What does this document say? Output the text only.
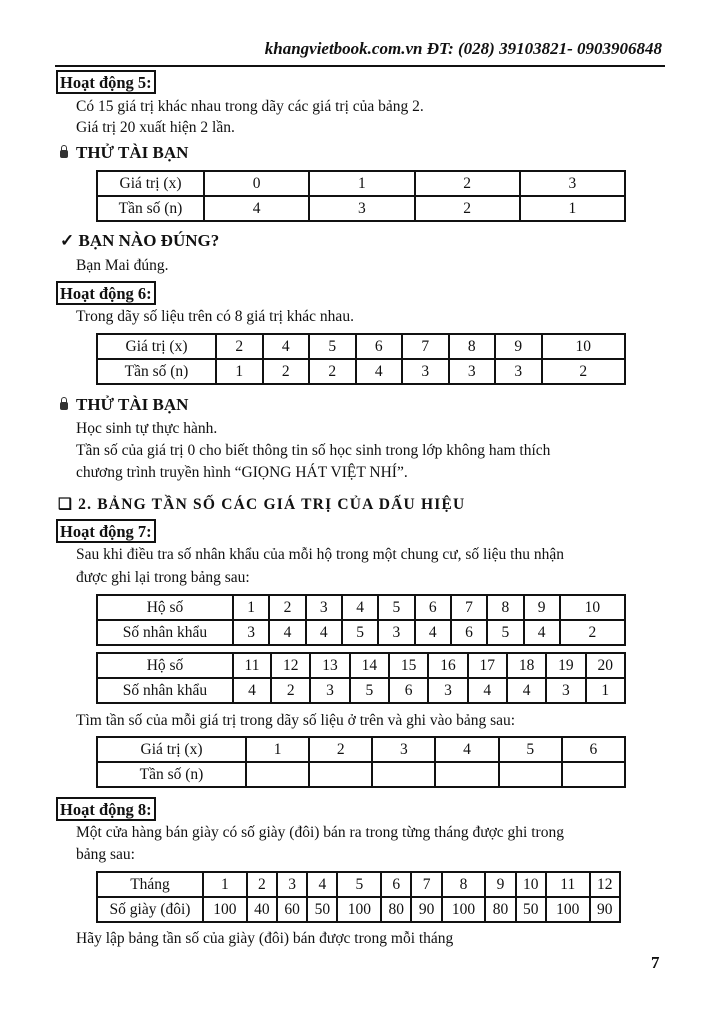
khangvietbook.com.vn ĐT: (028) 39103821- 0903906848
Hoạt động 5:
Có 15 giá trị khác nhau trong dãy các giá trị của bảng 2.
Giá trị 20 xuất hiện 2 lần.
THỬ TÀI BẠN
Giá trị (x)	0	1	2	3
Tần số (n)	4	3	2	1
✓ BẠN NÀO ĐÚNG?
Bạn Mai đúng.
Hoạt động 6:
Trong dãy số liệu trên có 8 giá trị khác nhau.
Giá trị (x)	2	4	5	6	7	8	9	10
Tần số (n)	1	2	2	4	3	3	3	2
THỬ TÀI BẠN
Học sinh tự thực hành.
Tần số của giá trị 0 cho biết thông tin số học sinh trong lớp không ham thích
chương trình truyền hình “GIỌNG HÁT VIỆT NHÍ”.
❑ 2. BẢNG TẦN SỐ CÁC GIÁ TRỊ CỦA DẤU HIỆU
Hoạt động 7:
Sau khi điều tra số nhân khẩu của mỗi hộ trong một chung cư, số liệu thu nhận
được ghi lại trong bảng sau:
Hộ số	1	2	3	4	5	6	7	8	9	10
Số nhân khẩu	3	4	4	5	3	4	6	5	4	2
Hộ số	11	12	13	14	15	16	17	18	19	20
Số nhân khẩu	4	2	3	5	6	3	4	4	3	1
Tìm tần số của mỗi giá trị trong dãy số liệu ở trên và ghi vào bảng sau:
Giá trị (x)	1	2	3	4	5	6
Tần số (n)						
Hoạt động 8:
Một cửa hàng bán giày có số giày (đôi) bán ra trong từng tháng được ghi trong
bảng sau:
Tháng	1	2	3	4	5	6	7	8	9	10	11	12
Số giày (đôi)	100	40	60	50	100	80	90	100	80	50	100	90
Hãy lập bảng tần số của giày (đôi) bán được trong mỗi tháng
7
